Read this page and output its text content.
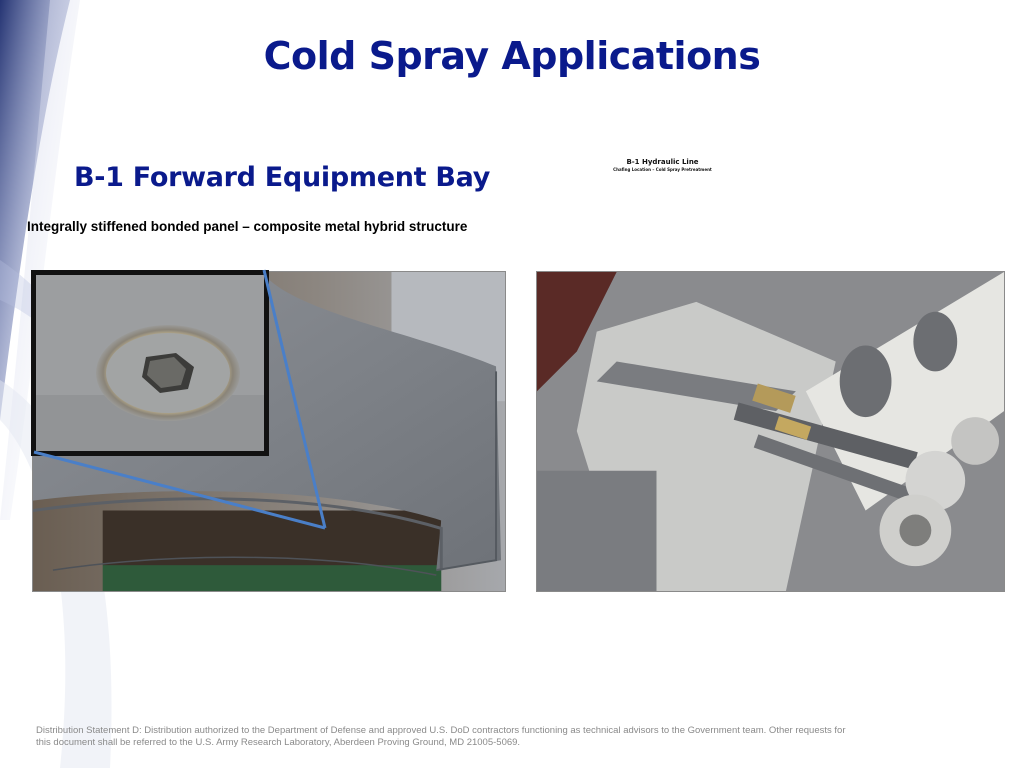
Cold Spray Applications
B-1 Forward Equipment Bay
Integrally stiffened bonded panel – composite metal hybrid structure
B-1 Hydraulic Line
Chafing Location – Cold Spray Pretreatment
Distribution Statement D: Distribution authorized to the Department of Defense and approved U.S. DoD contractors functioning as technical advisors to the Government team. Other requests for this document shall be referred to the U.S. Army Research Laboratory, Aberdeen Proving Ground, MD 21005-5069.
